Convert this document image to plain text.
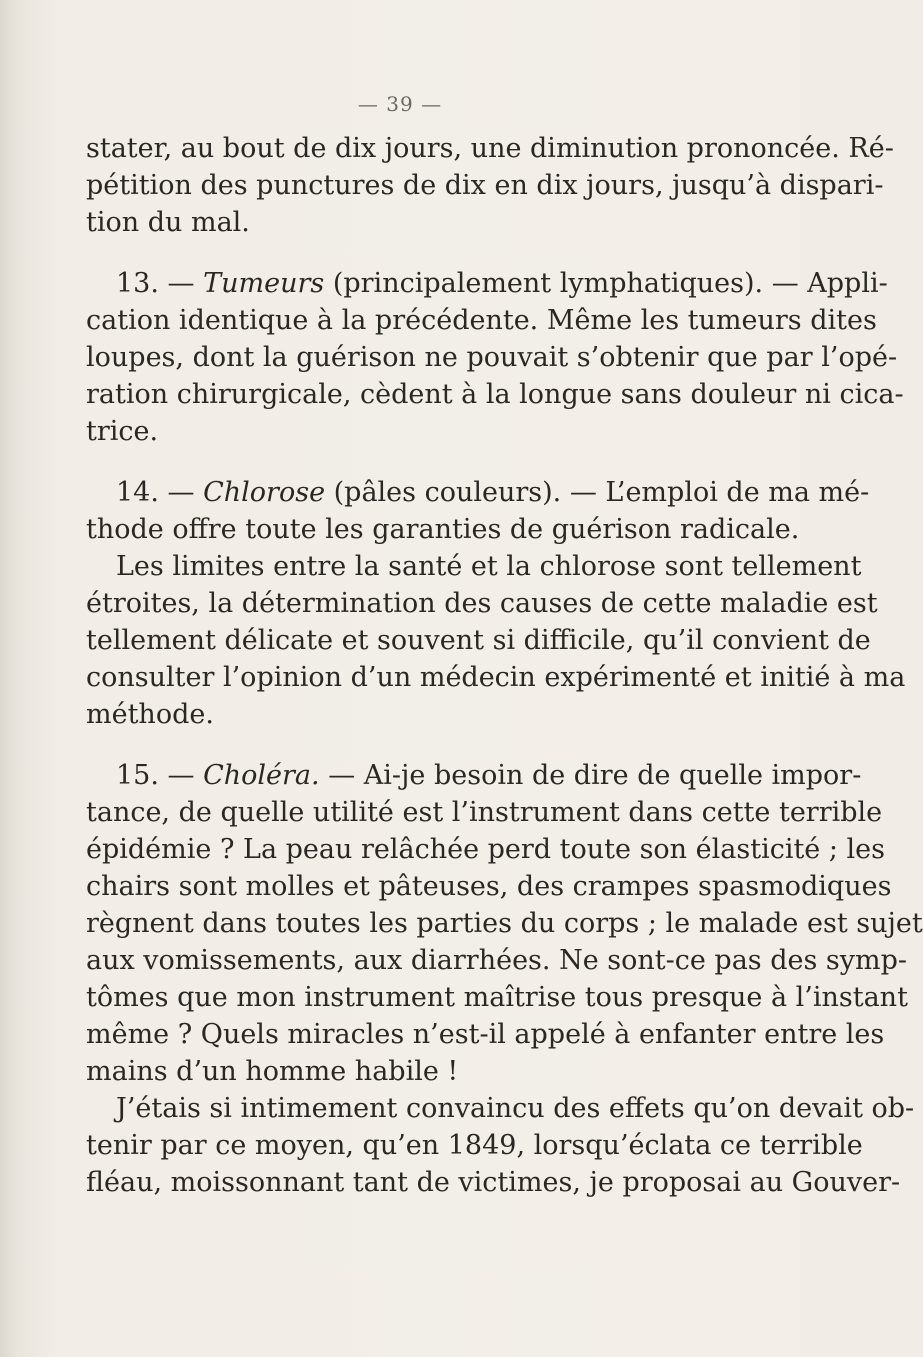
— 39 —
stater, au bout de dix jours, une diminution prononcée. Ré-
pétition des punctures de dix en dix jours, jusqu’à dispari-
tion du mal.
13. — Tumeurs (principalement lymphatiques). — Appli-
cation identique à la précédente. Même les tumeurs dites
loupes, dont la guérison ne pouvait s’obtenir que par l’opé-
ration chirurgicale, cèdent à la longue sans douleur ni cica-
trice.
14. — Chlorose (pâles couleurs). — L’emploi de ma mé-
thode offre toute les garanties de guérison radicale.
Les limites entre la santé et la chlorose sont tellement
étroites, la détermination des causes de cette maladie est
tellement délicate et souvent si difficile, qu’il convient de
consulter l’opinion d’un médecin expérimenté et initié à ma
méthode.
15. — Choléra. — Ai-je besoin de dire de quelle impor-
tance, de quelle utilité est l’instrument dans cette terrible
épidémie ? La peau relâchée perd toute son élasticité ; les
chairs sont molles et pâteuses, des crampes spasmodiques
règnent dans toutes les parties du corps ; le malade est sujet
aux vomissements, aux diarrhées. Ne sont-ce pas des symp-
tômes que mon instrument maîtrise tous presque à l’instant
même ? Quels miracles n’est-il appelé à enfanter entre les
mains d’un homme habile !
J’étais si intimement convaincu des effets qu’on devait ob-
tenir par ce moyen, qu’en 1849, lorsqu’éclata ce terrible
fléau, moissonnant tant de victimes, je proposai au Gouver-
